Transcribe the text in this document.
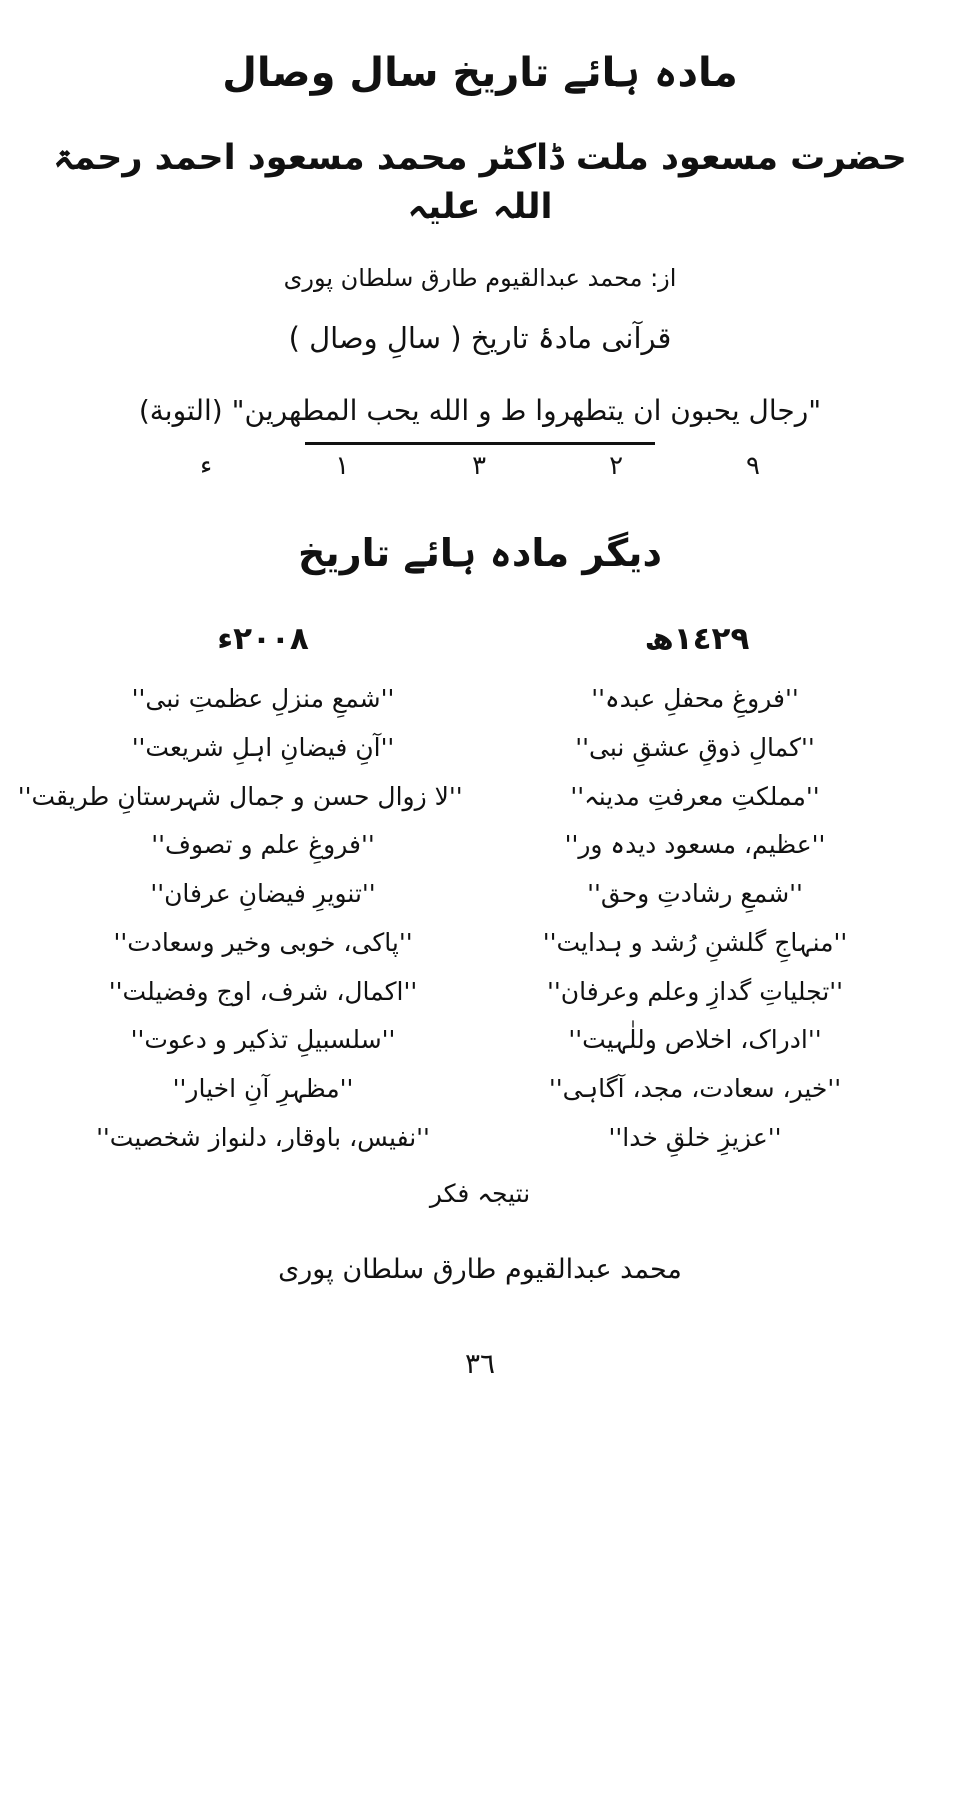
مادہ ہائے تاریخ سال وصال
حضرت مسعود ملت ڈاکٹر محمد مسعود احمد رحمۃ اللہ علیہ
از: محمد عبدالقیوم طارق سلطان پوری
قرآنی مادۂ تاریخ ( سالِ وصال )
"رجال يحبون ان يتطهروا ط و الله يحب المطهرين" (التوبة)
٩
٢
٣
١
ء
دیگر مادہ ہائے تاریخ
١٤٢٩ھ
''فروغِ محفلِ عبدہ''
''کمالِ ذوقِ عشقِ نبی''
''مملکتِ معرفتِ مدینہ''
''عظیم، مسعود دیدہ ور''
''شمعِ رشادتِ وحق''
''منہاجِ گلشنِ رُشد و ہدایت''
''تجلیاتِ گدازِ وعلم وعرفان''
''ادراک، اخلاص وللٰہیت''
''خیر، سعادت، مجد، آگاہی''
''عزیزِ خلقِ خدا''
٢٠٠٨ء
''شمعِ منزلِ عظمتِ نبی''
''آنِ فیضانِ اہلِ شریعت''
''لا زوال حسن و جمال شہرستانِ طریقت''
''فروغِ علم و تصوف''
''تنویرِ فیضانِ عرفان''
''پاکی، خوبی وخیر وسعادت''
''اکمال، شرف، اوج وفضیلت''
''سلسبیلِ تذکیر و دعوت''
''مظہرِ آنِ اخیار''
''نفیس، باوقار، دلنواز شخصیت''
نتیجہ فکر
محمد عبدالقیوم طارق سلطان پوری
٣٦
